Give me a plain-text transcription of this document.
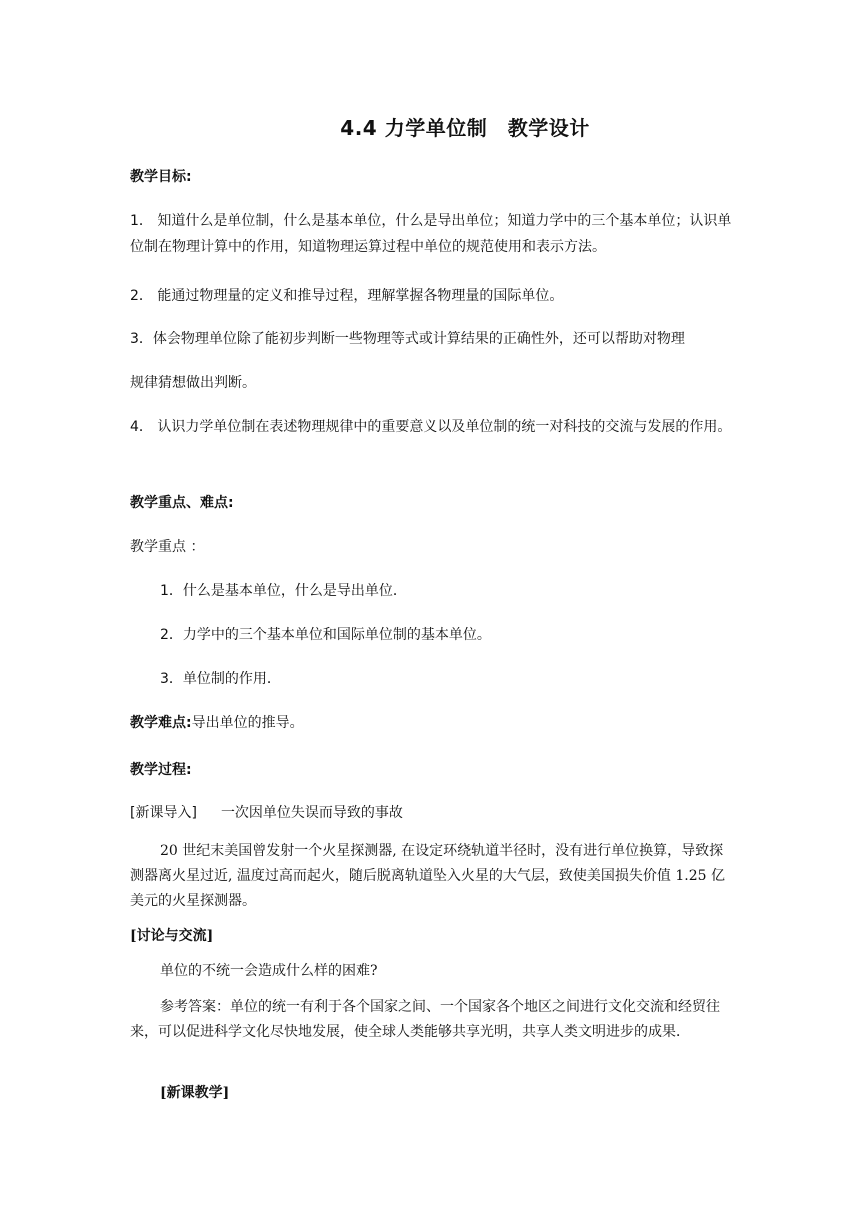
4.4 力学单位制　教学设计
教学目标:
1． 知道什么是单位制，什么是基本单位，什么是导出单位；知道力学中的三个基本单位；认识单位制在物理计算中的作用，知道物理运算过程中单位的规范使用和表示方法。
2． 能通过物理量的定义和推导过程，理解掌握各物理量的国际单位。
3．体会物理单位除了能初步判断一些物理等式或计算结果的正确性外，还可以帮助对物理
规律猜想做出判断。
4． 认识力学单位制在表述物理规律中的重要意义以及单位制的统一对科技的交流与发展的作用。
教学重点、难点:
教学重点 ：
1．什么是基本单位，什么是导出单位．
2．力学中的三个基本单位和国际单位制的基本单位。
3．单位制的作用．
教学难点:导出单位的推导。
教学过程:
[新课导入] 一次因单位失误而导致的事故
20 世纪末美国曾发射一个火星探测器, 在设定环绕轨道半径时，没有进行单位换算，导致探测器离火星过近, 温度过高而起火，随后脱离轨道坠入火星的大气层，致使美国损失价值 1.25 亿美元的火星探测器。
[讨论与交流]
单位的不统一会造成什么样的困难?
参考答案：单位的统一有利于各个国家之间、一个国家各个地区之间进行文化交流和经贸往来，可以促进科学文化尽快地发展，使全球人类能够共享光明，共享人类文明进步的成果．
[新课教学]
